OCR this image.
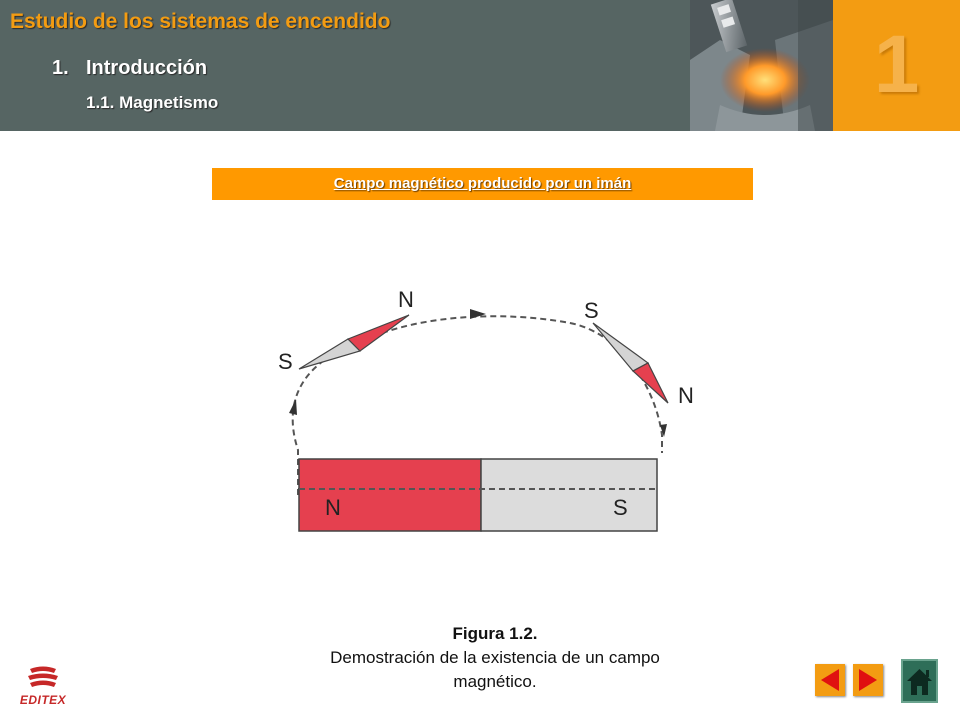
Estudio de los sistemas de encendido
1. Introducción
1.1. Magnetismo	1
Campo magnético producido por un imán
N
S
S
N
N	S
Figura 1.2.
Demostración de la existencia de un campo magnético.
EDITEX
